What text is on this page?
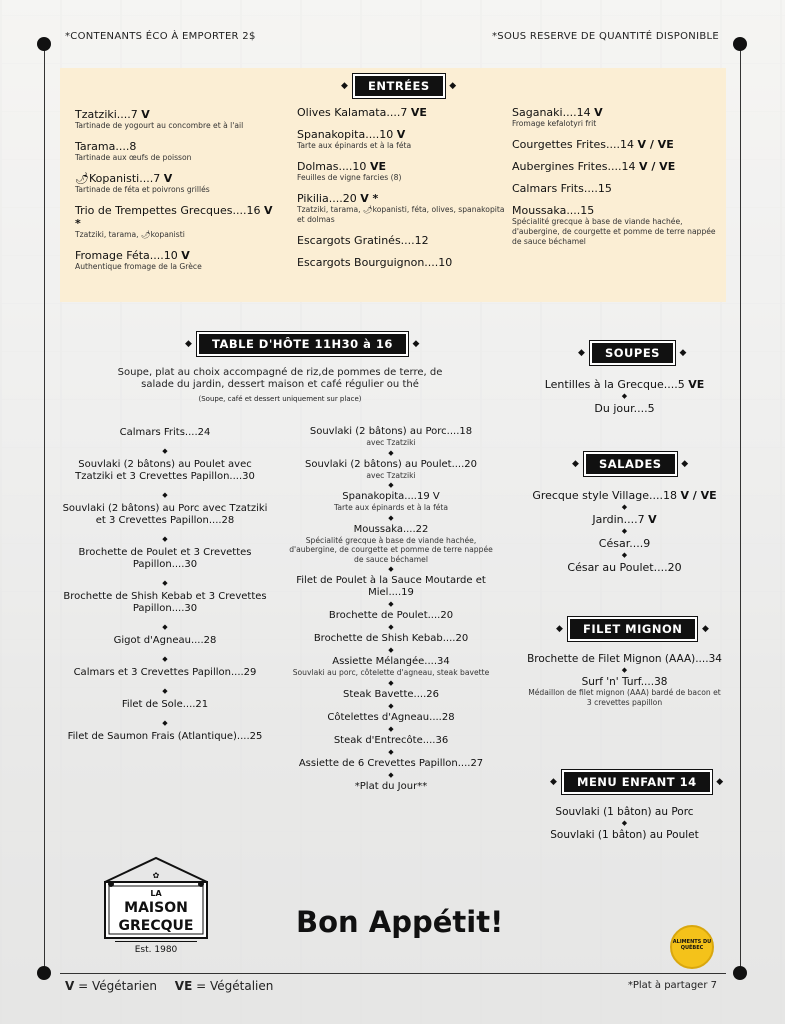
*CONTENANTS ÉCO À EMPORTER 2$	*SOUS RESERVE DE QUANTITÉ DISPONIBLE
◆ ENTRÉES ◆
Tzatziki....7 V
Tartinade de yogourt au concombre et à l'ail
Tarama....8
Tartinade aux œufs de poisson
🌶Kopanisti....7 V
Tartinade de féta et poivrons grillés
Trio de Trempettes Grecques....16 V *
Tzatziki, tarama, 🌶kopanisti
Fromage Féta....10 V
Authentique fromage de la Grèce
Olives Kalamata....7 VE
Spanakopita....10 V
Tarte aux épinards et à la féta
Dolmas....10 VE
Feuilles de vigne farcies (8)
Pikilia....20 V *
Tzatziki, tarama, 🌶kopanisti, féta, olives, spanakopita et dolmas
Escargots Gratinés....12
Escargots Bourguignon....10
Saganaki....14 V
Fromage kefalotyri frit
Courgettes Frites....14 V / VE
Aubergines Frites....14 V / VE
Calmars Frits....15
Moussaka....15
Spécialité grecque à base de viande hachée, d'aubergine, de courgette et pomme de terre nappée de sauce béchamel
◆ TABLE D'HÔTE 11H30 à 16 ◆
Soupe, plat au choix accompagné de riz,de pommes de terre, de salade du jardin, dessert maison et café régulier ou thé
(Soupe, café et dessert uniquement sur place)
Calmars Frits....24
◆
Souvlaki (2 bâtons) au Poulet avec Tzatziki et 3 Crevettes Papillon....30
◆
Souvlaki (2 bâtons) au Porc avec Tzatziki et 3 Crevettes Papillon....28
◆
Brochette de Poulet et 3 Crevettes Papillon....30
◆
Brochette de Shish Kebab et 3 Crevettes Papillon....30
◆
Gigot d'Agneau....28
◆
Calmars et 3 Crevettes Papillon....29
◆
Filet de Sole....21
◆
Filet de Saumon Frais (Atlantique)....25
Souvlaki (2 bâtons) au Porc....18
avec Tzatziki
◆
Souvlaki (2 bâtons) au Poulet....20
avec Tzatziki
◆
Spanakopita....19 V
Tarte aux épinards et à la féta
◆
Moussaka....22
Spécialité grecque à base de viande hachée, d'aubergine, de courgette et pomme de terre nappée de sauce béchamel
◆
Filet de Poulet à la Sauce Moutarde et Miel....19
◆
Brochette de Poulet....20
◆
Brochette de Shish Kebab....20
◆
Assiette Mélangée....34
Souvlaki au porc, côtelette d'agneau, steak bavette
◆
Steak Bavette....26
◆
Côtelettes d'Agneau....28
◆
Steak d'Entrecôte....36
◆
Assiette de 6 Crevettes Papillon....27
◆
*Plat du Jour**
◆ SOUPES ◆
Lentilles à la Grecque....5 VE
◆
Du jour....5
◆ SALADES ◆
Grecque style Village....18 V / VE
◆
Jardin....7 V
◆
César....9
◆
César au Poulet....20
◆ FILET MIGNON ◆
Brochette de Filet Mignon (AAA)....34
◆
Surf 'n' Turf....38
Médaillon de filet mignon (AAA) bardé de bacon et 3 crevettes papillon
◆ MENU ENFANT 14 ◆
Souvlaki (1 bâton) au Porc
◆
Souvlaki (1 bâton) au Poulet
✿
LA
MAISON
GRECQUE
Est. 1980
Bon Appétit!
ALIMENTS DU QUÉBEC
V = Végétarien VE = Végétalien	*Plat à partager 7
